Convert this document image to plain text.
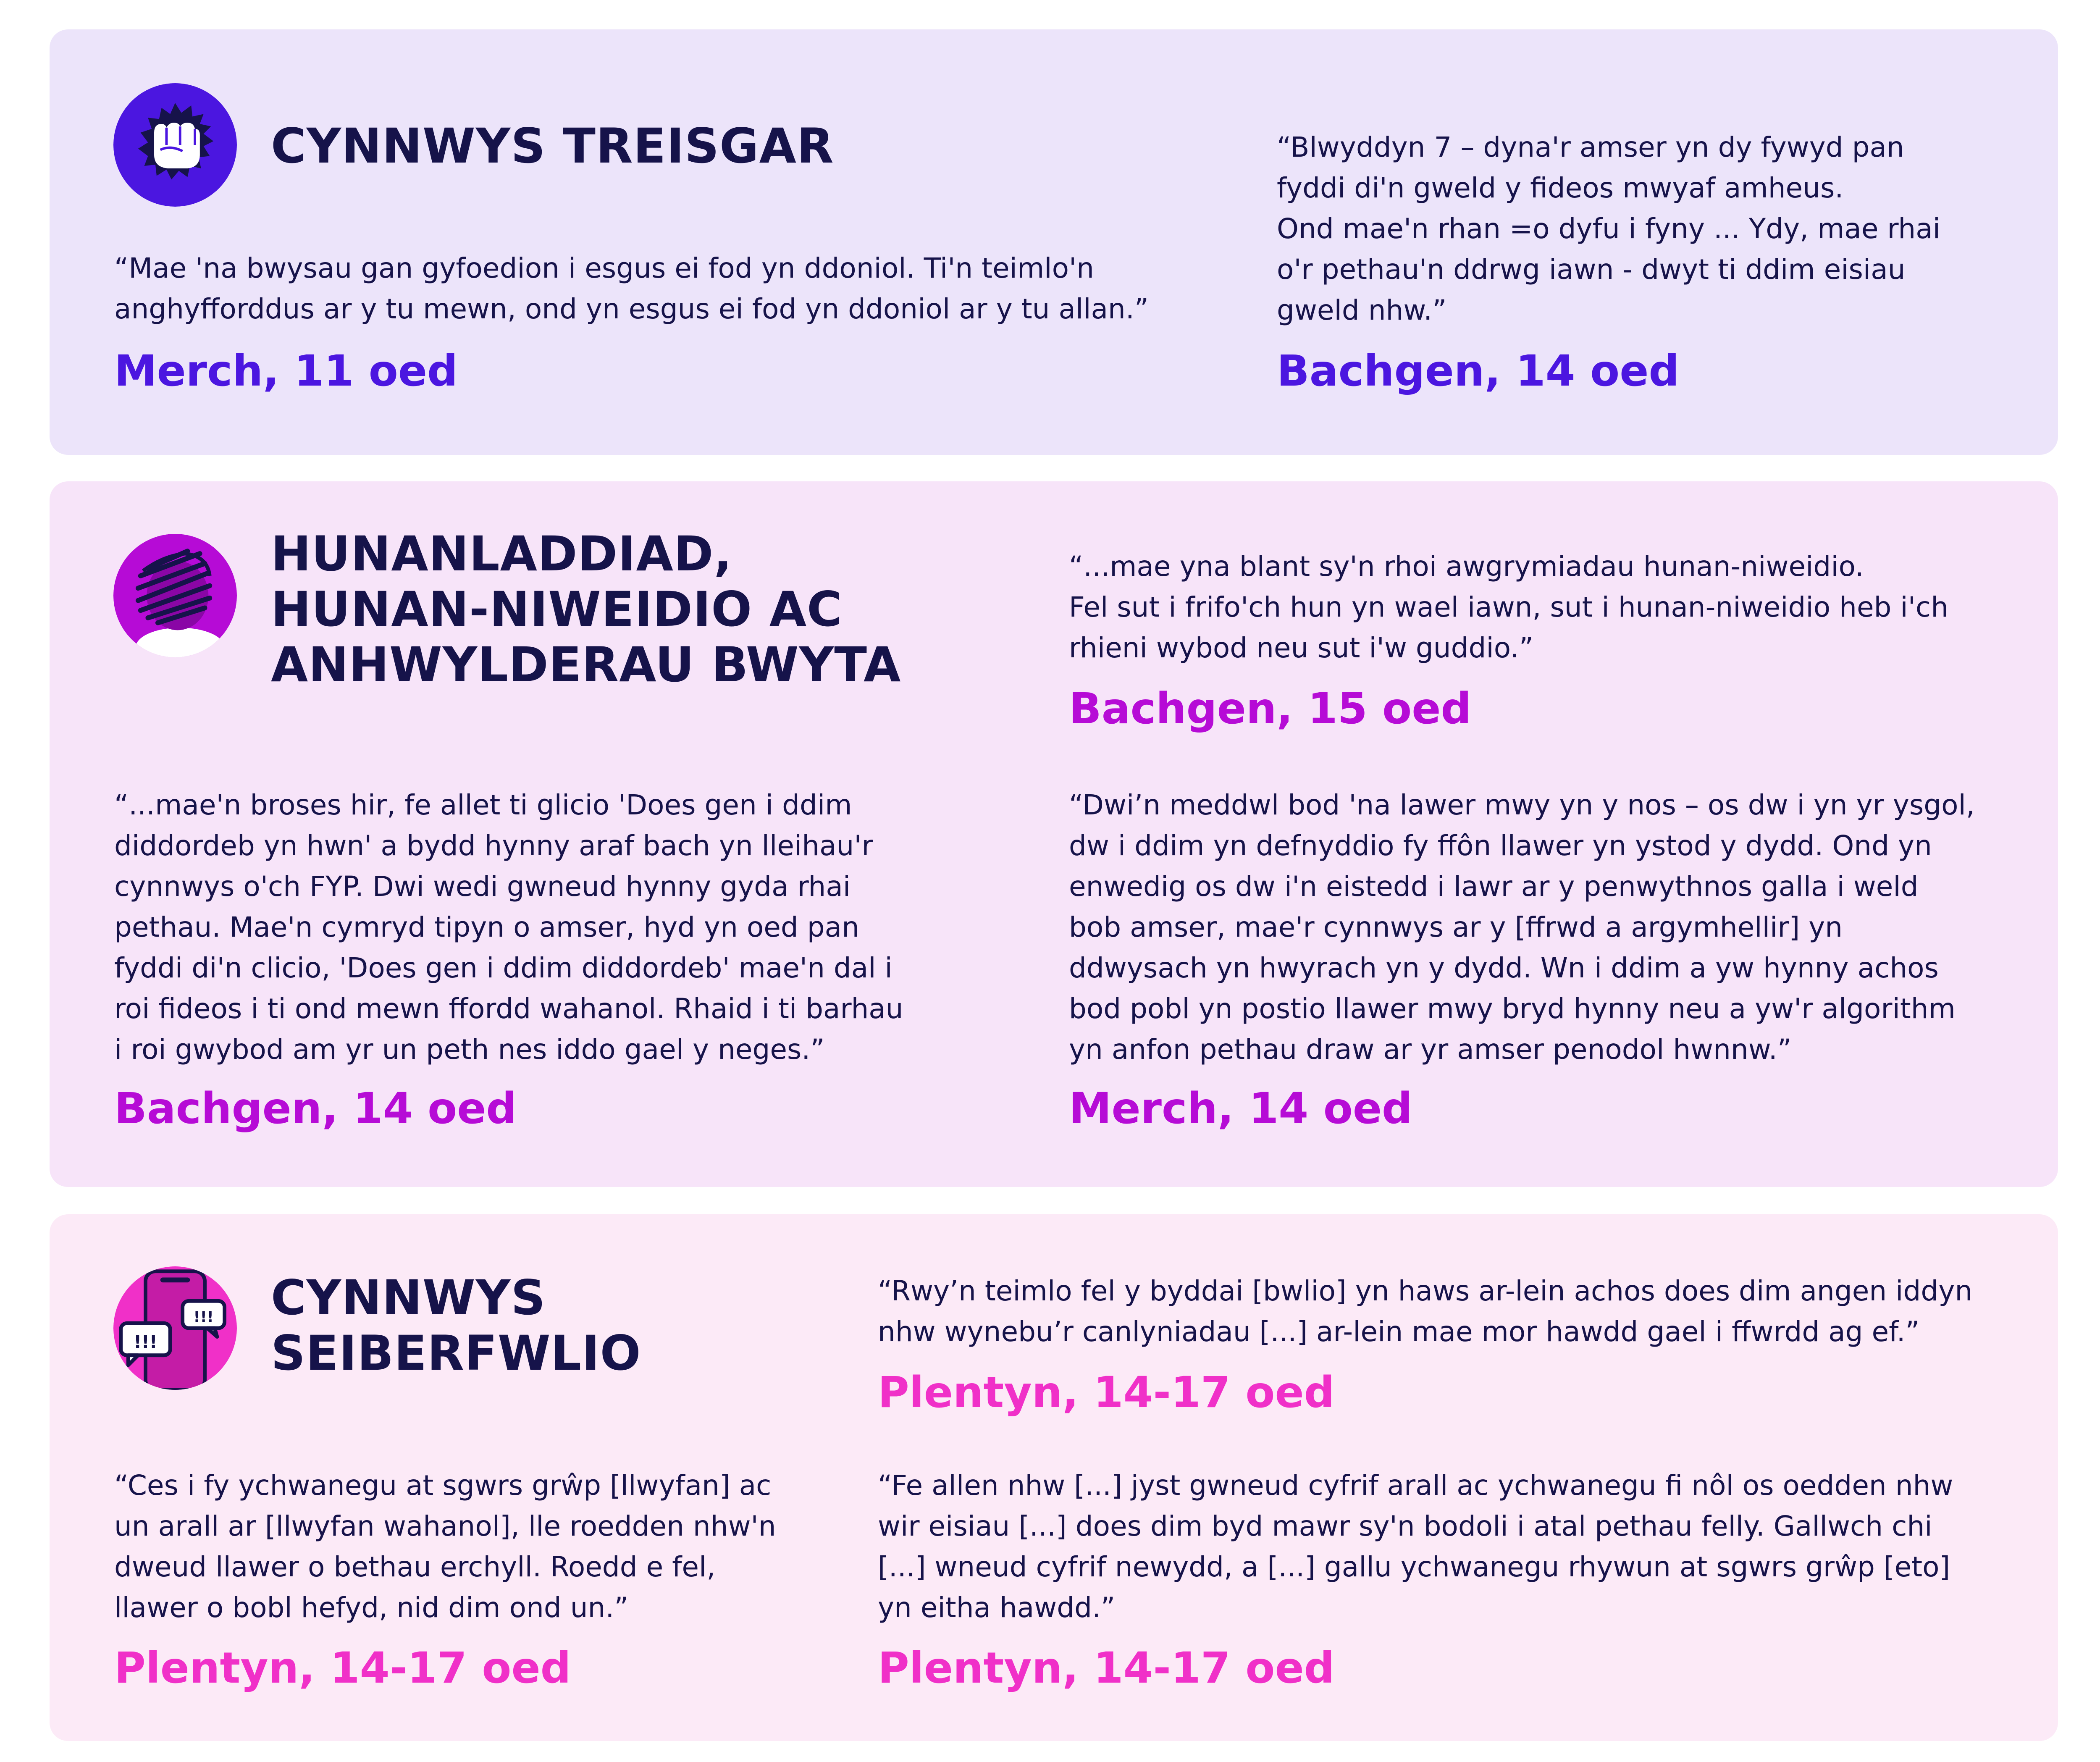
CYNNWYS TREISGAR

“Mae 'na bwysau gan gyfoedion i esgus ei fod yn ddoniol. Ti'n teimlo'n
anghyfforddus ar y tu mewn, ond yn esgus ei fod yn ddoniol ar y tu allan.”

Merch, 11 oed

“Blwyddyn 7 – dyna'r amser yn dy fywyd pan
fyddi di'n gweld y fideos mwyaf amheus.
Ond mae'n rhan =o dyfu i fyny ... Ydy, mae rhai
o'r pethau'n ddrwg iawn - dwyt ti ddim eisiau
gweld nhw.”

Bachgen, 14 oed

HUNANLADDIAD,
HUNAN-NIWEIDIO AC
ANHWYLDERAU BWYTA

“...mae yna blant sy'n rhoi awgrymiadau hunan-niweidio.
Fel sut i frifo'ch hun yn wael iawn, sut i hunan-niweidio heb i'ch
rhieni wybod neu sut i'w guddio.”

Bachgen, 15 oed

“...mae'n broses hir, fe allet ti glicio 'Does gen i ddim
diddordeb yn hwn' a bydd hynny araf bach yn lleihau'r
cynnwys o'ch FYP. Dwi wedi gwneud hynny gyda rhai
pethau. Mae'n cymryd tipyn o amser, hyd yn oed pan
fyddi di'n clicio, 'Does gen i ddim diddordeb' mae'n dal i
roi fideos i ti ond mewn ffordd wahanol. Rhaid i ti barhau
i roi gwybod am yr un peth nes iddo gael y neges.”

Bachgen, 14 oed

“Dwi’n meddwl bod 'na lawer mwy yn y nos – os dw i yn yr ysgol,
dw i ddim yn defnyddio fy ffôn llawer yn ystod y dydd. Ond yn
enwedig os dw i'n eistedd i lawr ar y penwythnos galla i weld
bob amser, mae'r cynnwys ar y [ffrwd a argymhellir] yn
ddwysach yn hwyrach yn y dydd. Wn i ddim a yw hynny achos
bod pobl yn postio llawer mwy bryd hynny neu a yw'r algorithm
yn anfon pethau draw ar yr amser penodol hwnnw.”

Merch, 14 oed

!!!
!!! CYNNWYS
SEIBERFWLIO

“Rwy’n teimlo fel y byddai [bwlio] yn haws ar-lein achos does dim angen iddyn
nhw wynebu’r canlyniadau [...] ar-lein mae mor hawdd gael i ffwrdd ag ef.”

Plentyn, 14-17 oed

“Ces i fy ychwanegu at sgwrs grŵp [llwyfan] ac
un arall ar [llwyfan wahanol], lle roedden nhw'n
dweud llawer o bethau erchyll. Roedd e fel,
llawer o bobl hefyd, nid dim ond un.”

Plentyn, 14-17 oed

“Fe allen nhw [...] jyst gwneud cyfrif arall ac ychwanegu fi nôl os oedden nhw
wir eisiau [...] does dim byd mawr sy'n bodoli i atal pethau felly. Gallwch chi
[...] wneud cyfrif newydd, a [...] gallu ychwanegu rhywun at sgwrs grŵp [eto]
yn eitha hawdd.”

Plentyn, 14-17 oed
